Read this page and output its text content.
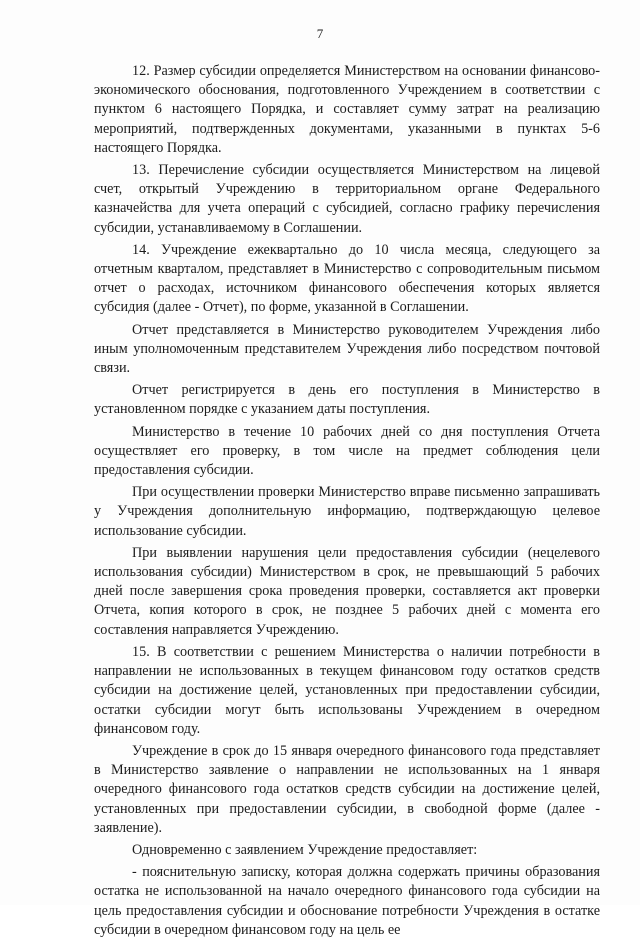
7

12. Размер субсидии определяется Министерством на основании финансово-экономического обоснования, подготовленного Учреждением в соответствии с пунктом 6 настоящего Порядка, и составляет сумму затрат на реализацию мероприятий, подтвержденных документами, указанными в пунктах 5-6 настоящего Порядка.

13. Перечисление субсидии осуществляется Министерством на лицевой счет, открытый Учреждению в территориальном органе Федерального казначейства для учета операций с субсидией, согласно графику перечисления субсидии, устанавливаемому в Соглашении.

14. Учреждение ежеквартально до 10 числа месяца, следующего за отчетным кварталом, представляет в Министерство с сопроводительным письмом отчет о расходах, источником финансового обеспечения которых является субсидия (далее - Отчет), по форме, указанной в Соглашении.

Отчет представляется в Министерство руководителем Учреждения либо иным уполномоченным представителем Учреждения либо посредством почтовой связи.

Отчет регистрируется в день его поступления в Министерство в установленном порядке с указанием даты поступления.

Министерство в течение 10 рабочих дней со дня поступления Отчета осуществляет его проверку, в том числе на предмет соблюдения цели предоставления субсидии.

При осуществлении проверки Министерство вправе письменно запрашивать у Учреждения дополнительную информацию, подтверждающую целевое использование субсидии.

При выявлении нарушения цели предоставления субсидии (нецелевого использования субсидии) Министерством в срок, не превышающий 5 рабочих дней после завершения срока проведения проверки, составляется акт проверки Отчета, копия которого в срок, не позднее 5 рабочих дней с момента его составления направляется Учреждению.

15. В соответствии с решением Министерства о наличии потребности в направлении не использованных в текущем финансовом году остатков средств субсидии на достижение целей, установленных при предоставлении субсидии, остатки субсидии могут быть использованы Учреждением в очередном финансовом году.

Учреждение в срок до 15 января очередного финансового года представляет в Министерство заявление о направлении не использованных на 1 января очередного финансового года остатков средств субсидии на достижение целей, установленных при предоставлении субсидии, в свободной форме (далее - заявление).

Одновременно с заявлением Учреждение предоставляет:

- пояснительную записку, которая должна содержать причины образования остатка не использованной на начало очередного финансового года субсидии на цель предоставления субсидии и обоснование потребности Учреждения в остатке субсидии в очередном финансовом году на цель ее
